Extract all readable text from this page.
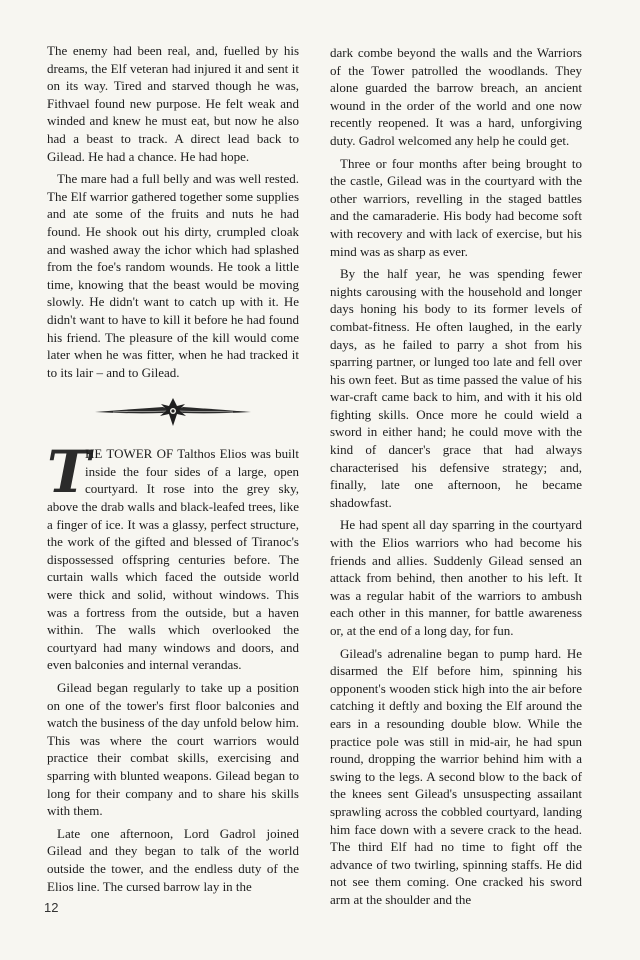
The enemy had been real, and, fuelled by his dreams, the Elf veteran had injured it and sent it on its way. Tired and starved though he was, Fithvael found new purpose. He felt weak and winded and knew he must eat, but now he also had a beast to track. A direct lead back to Gilead. He had a chance. He had hope.

The mare had a full belly and was well rested. The Elf warrior gathered together some supplies and ate some of the fruits and nuts he had found. He shook out his dirty, crumpled cloak and washed away the ichor which had splashed from the foe's random wounds. He took a little time, knowing that the beast would be moving slowly. He didn't want to catch up with it. He didn't want to have to kill it before he had found his friend. The pleasure of the kill would come later when he was fitter, when he had tracked it to its lair – and to Gilead.

T
HE TOWER OF Talthos Elios was built inside the four sides of a large, open courtyard. It rose into the grey sky, above the drab walls and black-leafed trees, like a finger of ice. It was a glassy, perfect structure, the work of the gifted and blessed of Tiranoc's dispossessed offspring centuries before. The curtain walls which faced the outside world were thick and solid, without windows. This was a fortress from the outside, but a haven within. The walls which overlooked the courtyard had many windows and doors, and even balconies and internal verandas.

Gilead began regularly to take up a position on one of the tower's first floor balconies and watch the business of the day unfold below him. This was where the court warriors would practice their combat skills, exercising and sparring with blunted weapons. Gilead began to long for their company and to share his skills with them.

Late one afternoon, Lord Gadrol joined Gilead and they began to talk of the world outside the tower, and the endless duty of the Elios line. The cursed barrow lay in the

dark combe beyond the walls and the Warriors of the Tower patrolled the woodlands. They alone guarded the barrow breach, an ancient wound in the order of the world and one now recently reopened. It was a hard, unforgiving duty. Gadrol welcomed any help he could get.

Three or four months after being brought to the castle, Gilead was in the courtyard with the other warriors, revelling in the staged battles and the camaraderie. His body had become soft with recovery and with lack of exercise, but his mind was as sharp as ever.

By the half year, he was spending fewer nights carousing with the household and longer days honing his body to its former levels of combat-fitness. He often laughed, in the early days, as he failed to parry a shot from his sparring partner, or lunged too late and fell over his own feet. But as time passed the value of his war-craft came back to him, and with it his old fighting skills. Once more he could wield a sword in either hand; he could move with the kind of dancer's grace that had always characterised his defensive strategy; and, finally, late one afternoon, he became shadowfast.

He had spent all day sparring in the courtyard with the Elios warriors who had become his friends and allies. Suddenly Gilead sensed an attack from behind, then another to his left. It was a regular habit of the warriors to ambush each other in this manner, for battle awareness or, at the end of a long day, for fun.

Gilead's adrenaline began to pump hard. He disarmed the Elf before him, spinning his opponent's wooden stick high into the air before catching it deftly and boxing the Elf around the ears in a resounding double blow. While the practice pole was still in mid-air, he had spun round, dropping the warrior behind him with a swing to the legs. A second blow to the back of the knees sent Gilead's unsuspecting assailant sprawling across the cobbled courtyard, landing him face down with a severe crack to the head. The third Elf had no time to fight off the advance of two twirling, spinning staffs. He did not see them coming. One cracked his sword arm at the shoulder and the

12
